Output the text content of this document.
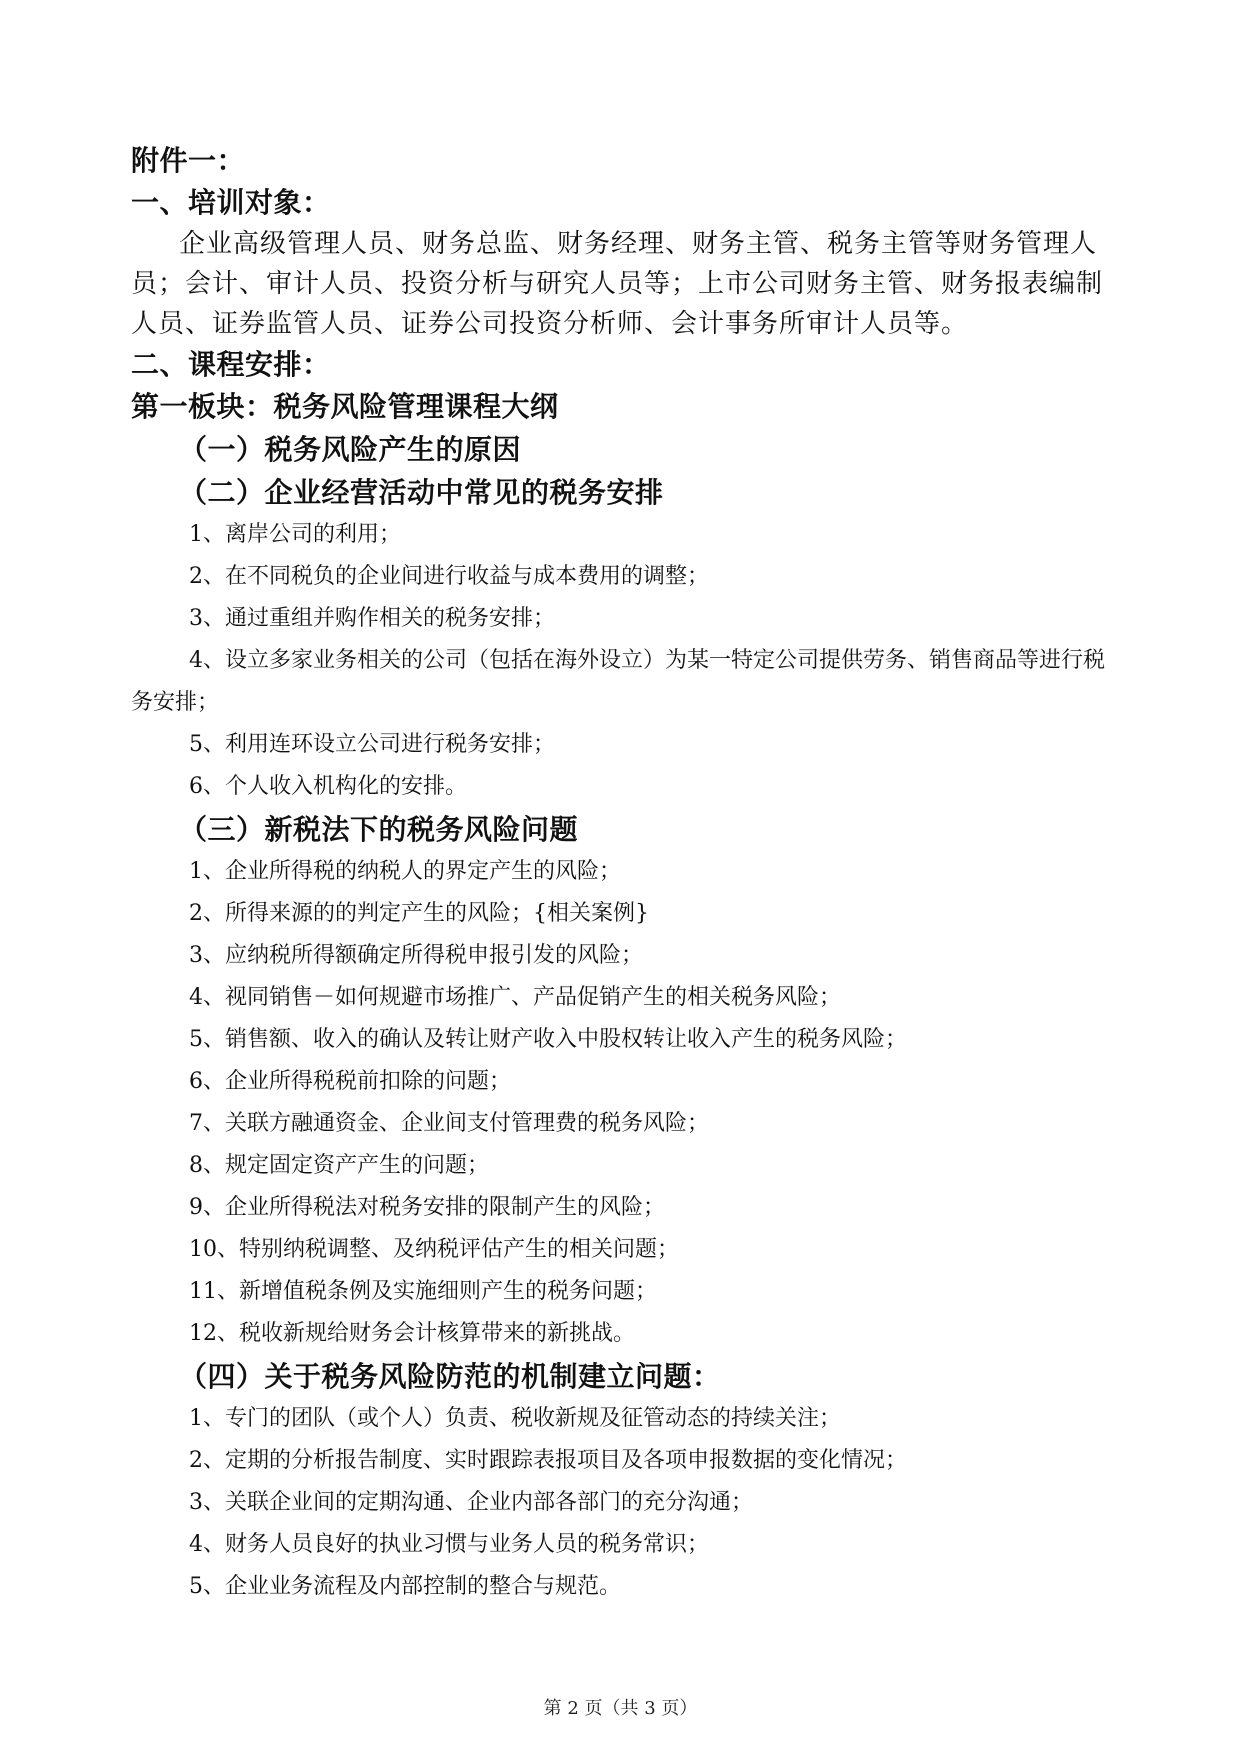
附件一：
一、培训对象：
企业高级管理人员、财务总监、财务经理、财务主管、税务主管等财务管理人员；会计、审计人员、投资分析与研究人员等；上市公司财务主管、财务报表编制人员、证券监管人员、证券公司投资分析师、会计事务所审计人员等。
二、课程安排：
第一板块：税务风险管理课程大纲
（一）税务风险产生的原因
（二）企业经营活动中常见的税务安排
1、离岸公司的利用；
2、在不同税负的企业间进行收益与成本费用的调整；
3、通过重组并购作相关的税务安排；
4、设立多家业务相关的公司（包括在海外设立）为某一特定公司提供劳务、销售商品等进行税务安排；
5、利用连环设立公司进行税务安排；
6、个人收入机构化的安排。
（三）新税法下的税务风险问题
1、企业所得税的纳税人的界定产生的风险；
2、所得来源的的判定产生的风险；{相关案例}
3、应纳税所得额确定所得税申报引发的风险；
4、视同销售－如何规避市场推广、产品促销产生的相关税务风险；
5、销售额、收入的确认及转让财产收入中股权转让收入产生的税务风险；
6、企业所得税税前扣除的问题；
7、关联方融通资金、企业间支付管理费的税务风险；
8、规定固定资产产生的问题；
9、企业所得税法对税务安排的限制产生的风险；
10、特别纳税调整、及纳税评估产生的相关问题；
11、新增值税条例及实施细则产生的税务问题；
12、税收新规给财务会计核算带来的新挑战。
（四）关于税务风险防范的机制建立问题：
1、专门的团队（或个人）负责、税收新规及征管动态的持续关注；
2、定期的分析报告制度、实时跟踪表报项目及各项申报数据的变化情况；
3、关联企业间的定期沟通、企业内部各部门的充分沟通；
4、财务人员良好的执业习惯与业务人员的税务常识；
5、企业业务流程及内部控制的整合与规范。
第 2 页（共 3 页）
